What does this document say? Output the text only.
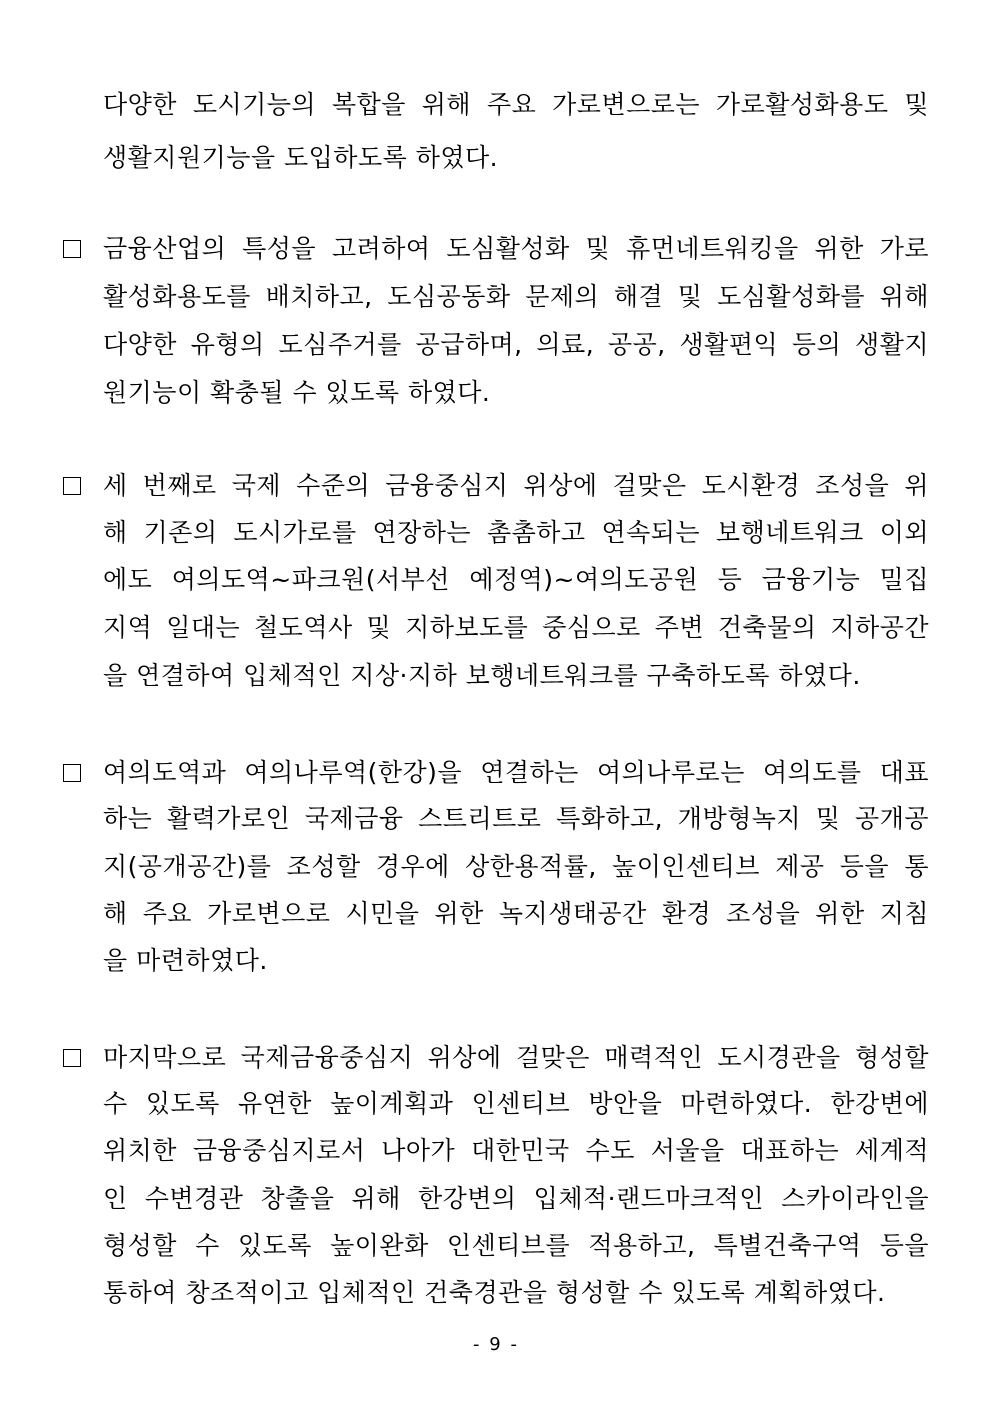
다양한 도시기능의 복합을 위해 주요 가로변으로는 가로활성화용도 및
생활지원기능을 도입하도록 하였다.
금융산업의 특성을 고려하여 도심활성화 및 휴먼네트워킹을 위한 가로
활성화용도를 배치하고, 도심공동화 문제의 해결 및 도심활성화를 위해
다양한 유형의 도심주거를 공급하며, 의료, 공공, 생활편익 등의 생활지
원기능이 확충될 수 있도록 하였다.
세 번째로 국제 수준의 금융중심지 위상에 걸맞은 도시환경 조성을 위
해 기존의 도시가로를 연장하는 촘촘하고 연속되는 보행네트워크 이외
에도 여의도역~파크원(서부선 예정역)~여의도공원 등 금융기능 밀집
지역 일대는 철도역사 및 지하보도를 중심으로 주변 건축물의 지하공간
을 연결하여 입체적인 지상·지하 보행네트워크를 구축하도록 하였다.
여의도역과 여의나루역(한강)을 연결하는 여의나루로는 여의도를 대표
하는 활력가로인 국제금융 스트리트로 특화하고, 개방형녹지 및 공개공
지(공개공간)를 조성할 경우에 상한용적률, 높이인센티브 제공 등을 통
해 주요 가로변으로 시민을 위한 녹지생태공간 환경 조성을 위한 지침
을 마련하였다.
마지막으로 국제금융중심지 위상에 걸맞은 매력적인 도시경관을 형성할
수 있도록 유연한 높이계획과 인센티브 방안을 마련하였다. 한강변에
위치한 금융중심지로서 나아가 대한민국 수도 서울을 대표하는 세계적
인 수변경관 창출을 위해 한강변의 입체적·랜드마크적인 스카이라인을
형성할 수 있도록 높이완화 인센티브를 적용하고, 특별건축구역 등을
통하여 창조적이고 입체적인 건축경관을 형성할 수 있도록 계획하였다.
- 9 -
